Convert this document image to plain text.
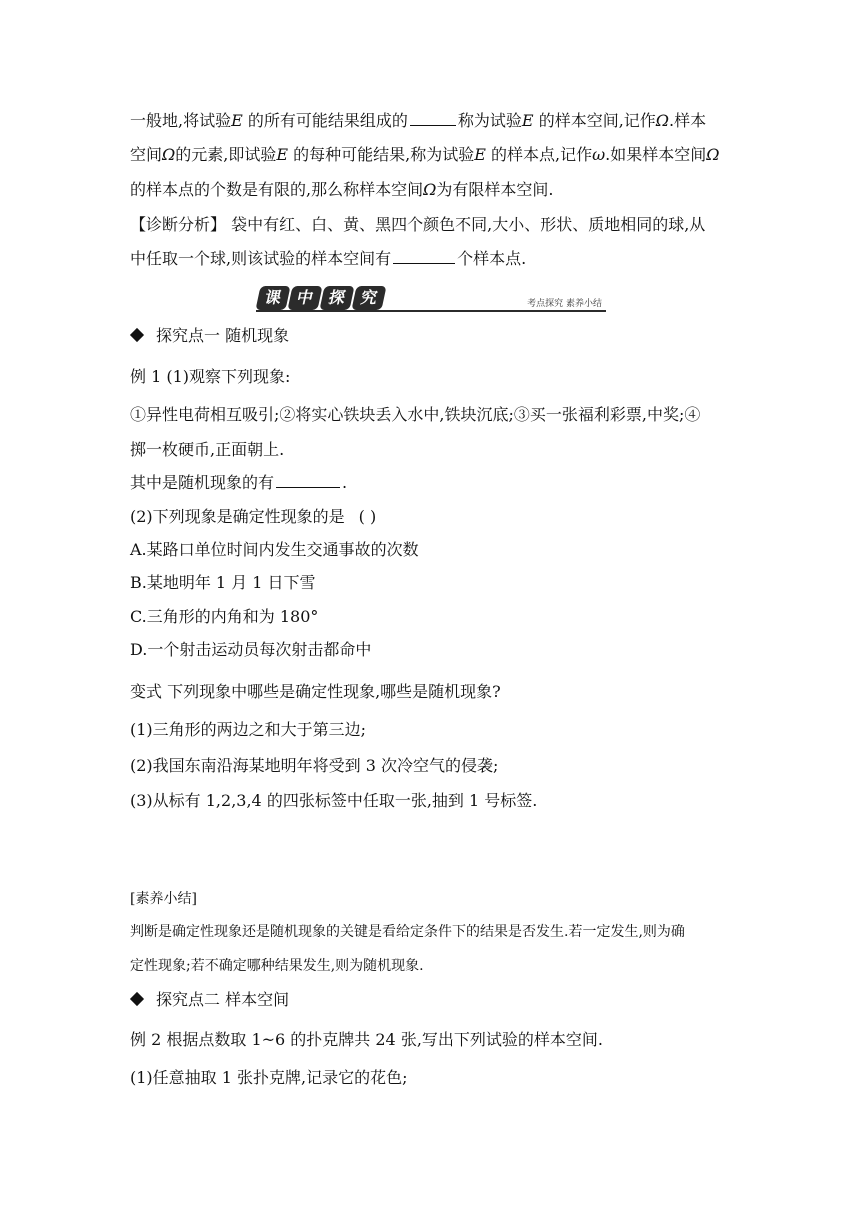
一般地,将试验E 的所有可能结果组成的	称为试验E 的样本空间,记作Ω.样本
空间Ω的元素,即试验E 的每种可能结果,称为试验E 的样本点,记作ω.如果样本空间Ω
的样本点的个数是有限的,那么称样本空间Ω为有限样本空间.
【诊断分析】 袋中有红、白、黄、黑四个颜色不同,大小、形状、质地相同的球,从
中任取一个球,则该试验的样本空间有	个样本点.
课 中 探 究	考点探究 素养小结
探究点一 随机现象
例 1 (1)观察下列现象:
①异性电荷相互吸引;②将实心铁块丢入水中,铁块沉底;③买一张福利彩票,中奖;④
掷一枚硬币,正面朝上.
其中是随机现象的有	.
(2)下列现象是确定性现象的是 ( )
A.某路口单位时间内发生交通事故的次数
B.某地明年 1 月 1 日下雪
C.三角形的内角和为 180°
D.一个射击运动员每次射击都命中
变式 下列现象中哪些是确定性现象,哪些是随机现象?
(1)三角形的两边之和大于第三边;
(2)我国东南沿海某地明年将受到 3 次冷空气的侵袭;
(3)从标有 1,2,3,4 的四张标签中任取一张,抽到 1 号标签.
[素养小结]
判断是确定性现象还是随机现象的关键是看给定条件下的结果是否发生.若一定发生,则为确
定性现象;若不确定哪种结果发生,则为随机现象.
探究点二 样本空间
例 2 根据点数取 1~6 的扑克牌共 24 张,写出下列试验的样本空间.
(1)任意抽取 1 张扑克牌,记录它的花色;
